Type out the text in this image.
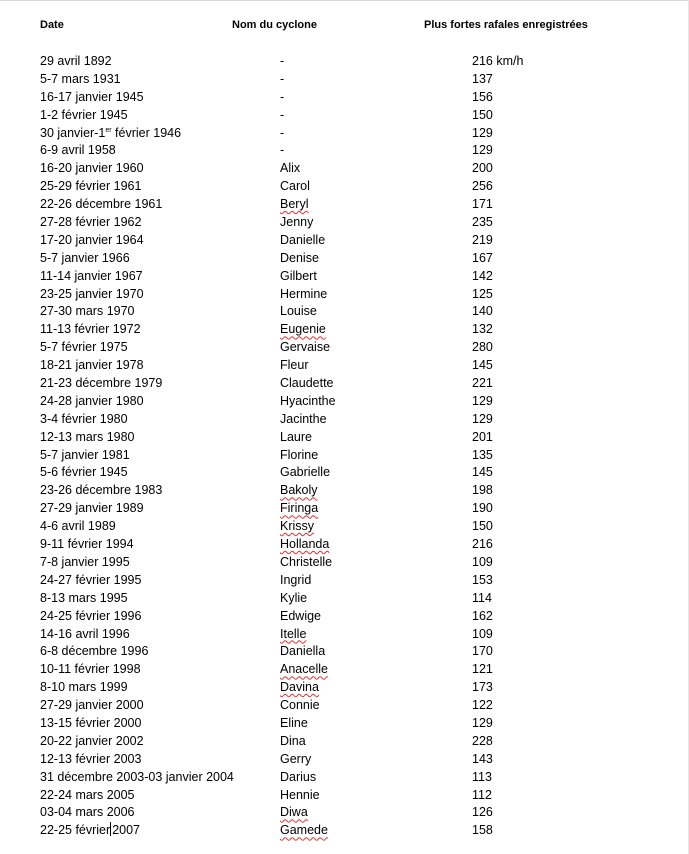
Date	Nom du cyclone	Plus fortes rafales enregistrées
29 avril 1892	-	216 km/h
5-7 mars 1931	-	137
16-17 janvier 1945	-	156
1-2 février 1945	-	150
30 janvier-1er février 1946	-	129
6-9 avril 1958	-	129
16-20 janvier 1960	Alix	200
25-29 février 1961	Carol	256
22-26 décembre 1961	Beryl	171
27-28 février 1962	Jenny	235
17-20 janvier 1964	Danielle	219
5-7 janvier 1966	Denise	167
11-14 janvier 1967	Gilbert	142
23-25 janvier 1970	Hermine	125
27-30 mars 1970	Louise	140
11-13 février 1972	Eugenie	132
5-7 février 1975	Gervaise	280
18-21 janvier 1978	Fleur	145
21-23 décembre 1979	Claudette	221
24-28 janvier 1980	Hyacinthe	129
3-4 février 1980	Jacinthe	129
12-13 mars 1980	Laure	201
5-7 janvier 1981	Florine	135
5-6 février 1945	Gabrielle	145
23-26 décembre 1983	Bakoly	198
27-29 janvier 1989	Firinga	190
4-6 avril 1989	Krissy	150
9-11 février 1994	Hollanda	216
7-8 janvier 1995	Christelle	109
24-27 février 1995	Ingrid	153
8-13 mars 1995	Kylie	114
24-25 février 1996	Edwige	162
14-16 avril 1996	Itelle	109
6-8 décembre 1996	Daniella	170
10-11 février 1998	Anacelle	121
8-10 mars 1999	Davina	173
27-29 janvier 2000	Connie	122
13-15 février 2000	Eline	129
20-22 janvier 2002	Dina	228
12-13 février 2003	Gerry	143
31 décembre 2003-03 janvier 2004	Darius	113
22-24 mars 2005	Hennie	112
03-04 mars 2006	Diwa	126
22-25 février 2007	Gamede	158
